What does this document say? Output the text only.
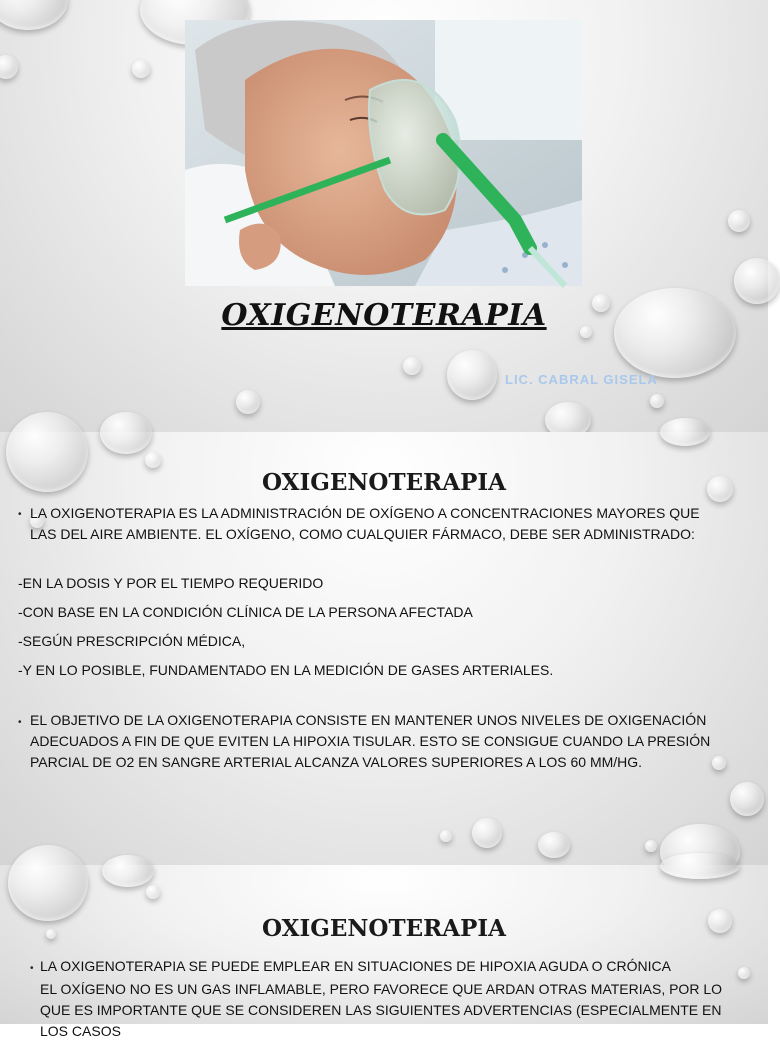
OXIGENOTERAPIA

LIC. CABRAL GISELA

OXIGENOTERAPIA
• LA OXIGENOTERAPIA ES LA ADMINISTRACIÓN DE OXÍGENO A CONCENTRACIONES MAYORES QUE LAS DEL AIRE AMBIENTE. EL OXÍGENO, COMO CUALQUIER FÁRMACO, DEBE SER ADMINISTRADO:

-EN LA DOSIS Y POR EL TIEMPO REQUERIDO

-CON BASE EN LA CONDICIÓN CLÍNICA DE LA PERSONA AFECTADA

-SEGÚN PRESCRIPCIÓN MÉDICA,

-Y EN LO POSIBLE, FUNDAMENTADO EN LA MEDICIÓN DE GASES ARTERIALES.

• EL OBJETIVO DE LA OXIGENOTERAPIA CONSISTE EN MANTENER UNOS NIVELES DE OXIGENACIÓN ADECUADOS A FIN DE QUE EVITEN LA HIPOXIA TISULAR. ESTO SE CONSIGUE CUANDO LA PRESIÓN PARCIAL DE O2 EN SANGRE ARTERIAL ALCANZA VALORES SUPERIORES A LOS 60 MM/HG.

OXIGENOTERAPIA
• LA OXIGENOTERAPIA SE PUEDE EMPLEAR EN SITUACIONES DE HIPOXIA AGUDA O CRÓNICA

EL OXÍGENO NO ES UN GAS INFLAMABLE, PERO FAVORECE QUE ARDAN OTRAS MATERIAS, POR LO QUE ES IMPORTANTE QUE SE CONSIDEREN LAS SIGUIENTES ADVERTENCIAS (ESPECIALMENTE EN LOS CASOS
